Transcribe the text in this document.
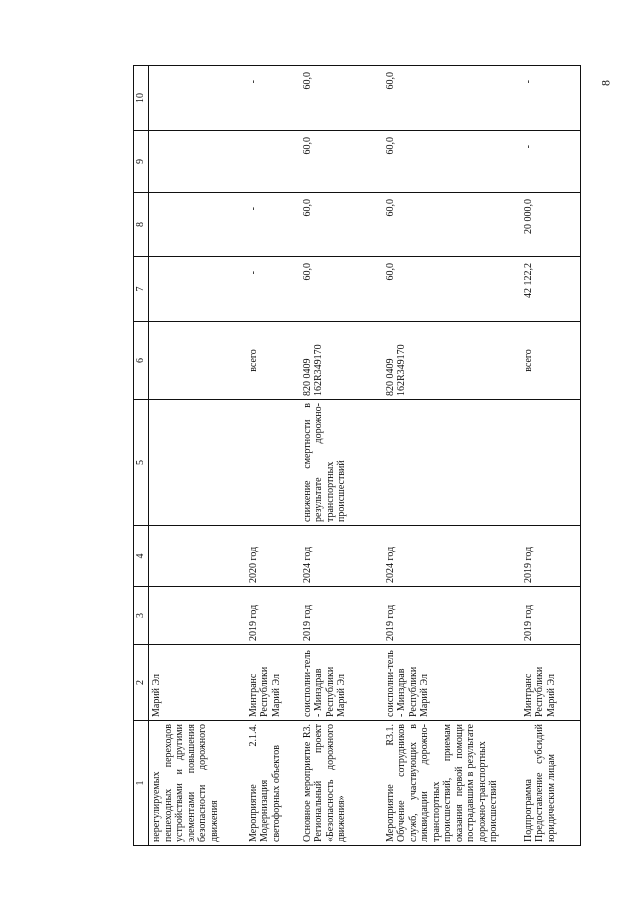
8
1	2	3	4	5	6	7	8	9	10
нерегулируемых пешеходных переходов устройствами и другими элементами повышения безопасности дорожного движения	Марий Эл								
Мероприятие 2.1.4. Модернизация светофорных объектов	Минтранс Республики Марий Эл	2019 год	2020 год		всего	-	-		-
Основное мероприятие R3. Региональный проект «Безопасность дорожного движения»	соисполни-тель - Минздрав Республики Марий Эл	2019 год	2024 год	снижение смертности в результате дорожно-транспортных происшествий	820 0409 162R349170	60,0	60,0	60,0	60,0
Мероприятие R3.1. Обучение сотрудников служб, участвующих в ликвидации дорожно-транспортных происшествий, приемам оказания первой помощи пострадавшим в результате дорожно-транспортных происшествий	соисполни-тель - Минздрав Республики Марий Эл	2019 год	2024 год		820 0409 162R349170	60,0	60,0	60,0	60,0
Подпрограмма Предоставление субсидий юридическим лицам	Минтранс Республики Марий Эл	2019 год	2019 год		всего	42 122,2	20 000,0	-	-
